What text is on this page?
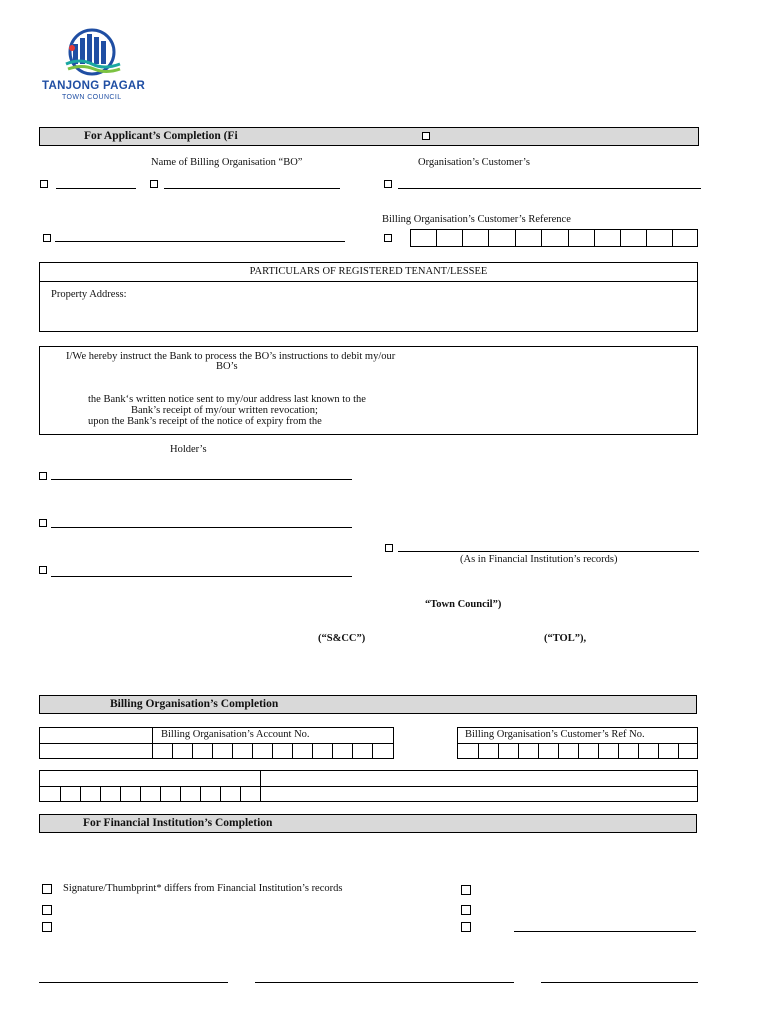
TANJONG PAGAR
TOWN COUNCIL
For Applicant’s Completion (Fi
Name of Billing Organisation “BO”	Organisation’s Customer’s
Billing Organisation’s Customer’s Reference
PARTICULARS OF REGISTERED TENANT/LESSEE
Property Address:
I/We hereby instruct the Bank to process the BO’s instructions to debit my/our
BO’s
the Bank‘s written notice sent to my/our address last known to the
Bank’s receipt of my/our written revocation;
upon the Bank’s receipt of the notice of expiry from the
Holder’s
(As in Financial Institution’s records)
“Town Council”)
(“S&CC”)	(“TOL”),
Billing Organisation’s Completion
Billing Organisation’s Account No.	Billing Organisation’s Customer’s Ref No.
For Financial Institution’s Completion
Signature/Thumbprint* differs from Financial Institution’s records
